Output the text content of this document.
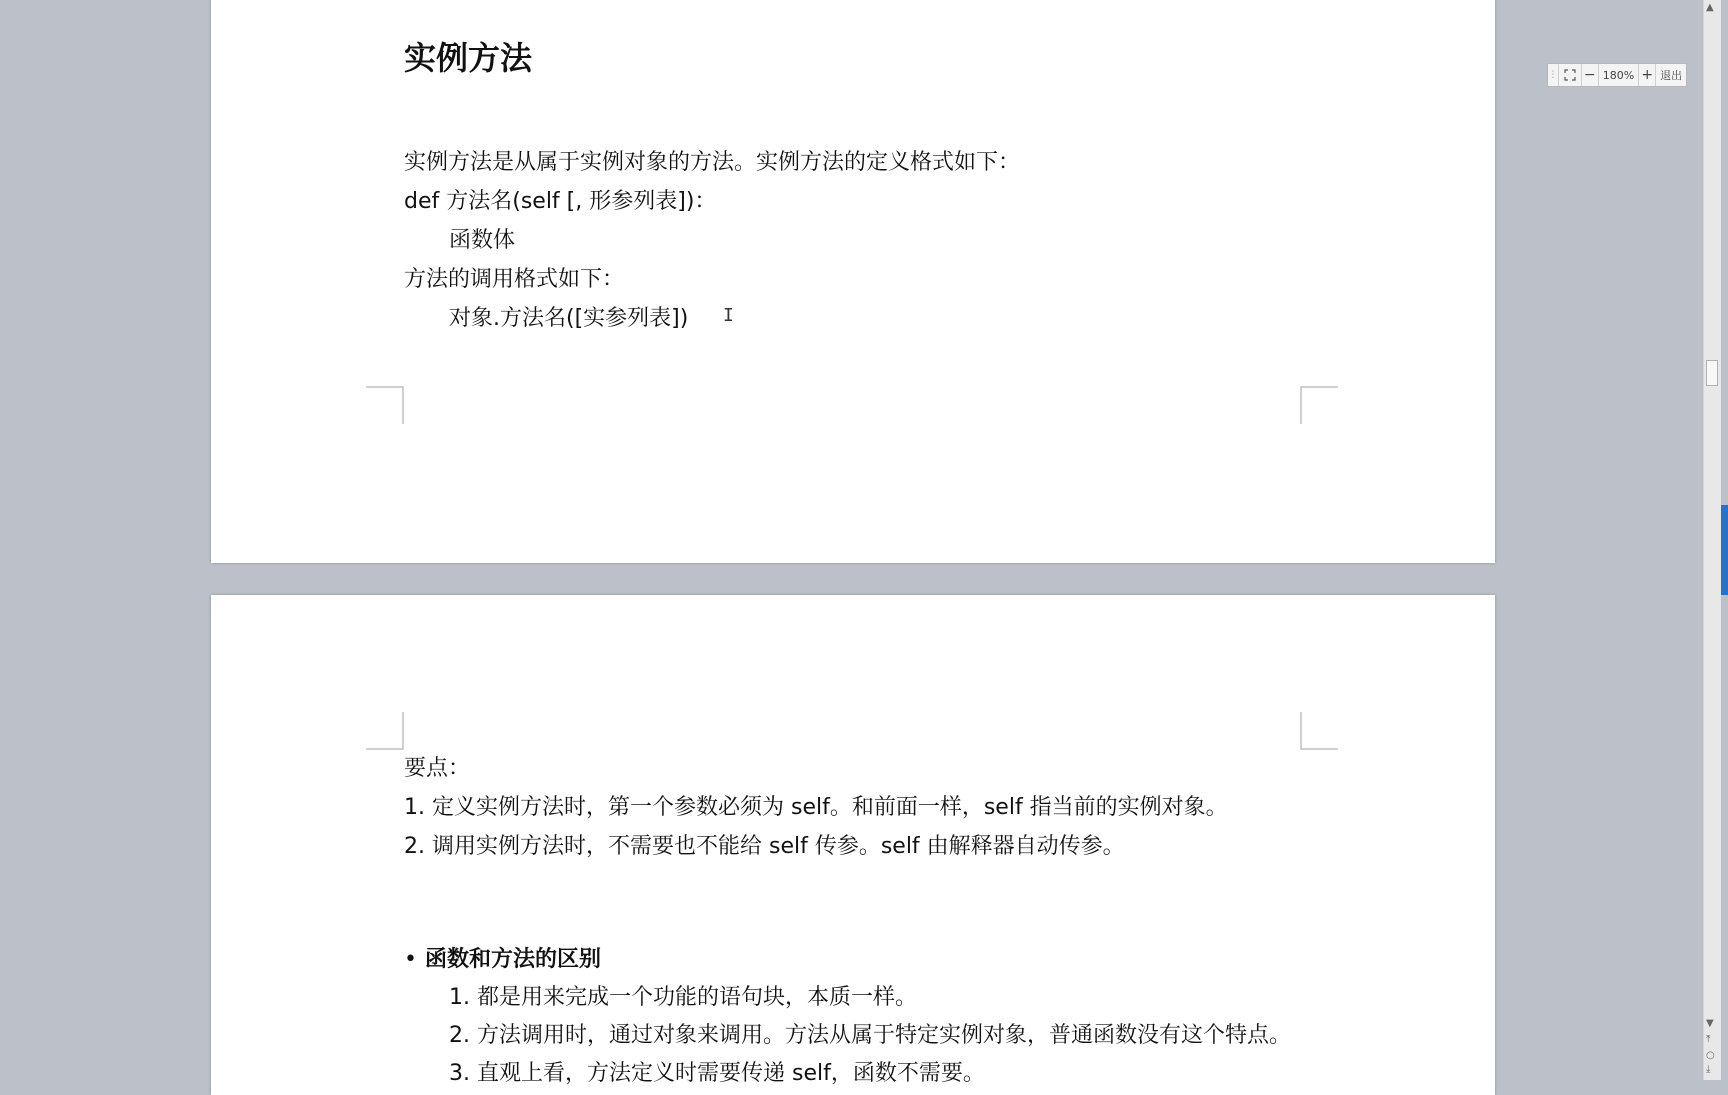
实例方法
实例方法是从属于实例对象的方法。实例方法的定义格式如下：
def 方法名(self [, 形参列表])：
函数体
方法的调用格式如下：
对象.方法名([实参列表]) Ι
要点：
1. 定义实例方法时，第一个参数必须为 self。和前面一样，self 指当前的实例对象。
2. 调用实例方法时，不需要也不能给 self 传参。self 由解释器自动传参。
• 函数和方法的区别
1. 都是用来完成一个功能的语句块，本质一样。
2. 方法调用时，通过对象来调用。方法从属于特定实例对象，普通函数没有这个特点。
3. 直观上看，方法定义时需要传递 self，函数不需要。
⋮ − 180% + 退出
▲
▼
⤒
○
⤓
